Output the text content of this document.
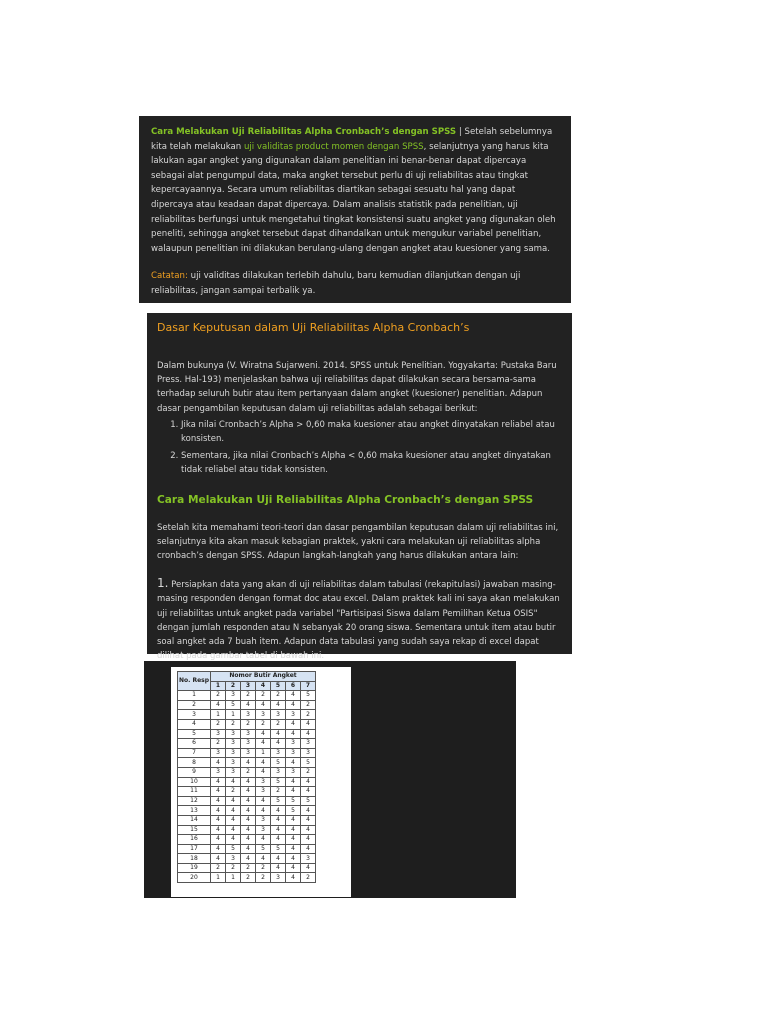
Cara Melakukan Uji Reliabilitas Alpha Cronbach’s dengan SPSS | Setelah sebelumnya kita telah melakukan uji validitas product momen dengan SPSS, selanjutnya yang harus kita lakukan agar angket yang digunakan dalam penelitian ini benar-benar dapat dipercaya sebagai alat pengumpul data, maka angket tersebut perlu di uji reliabilitas atau tingkat kepercayaannya. Secara umum reliabilitas diartikan sebagai sesuatu hal yang dapat dipercaya atau keadaan dapat dipercaya. Dalam analisis statistik pada penelitian, uji reliabilitas berfungsi untuk mengetahui tingkat konsistensi suatu angket yang digunakan oleh peneliti, sehingga angket tersebut dapat dihandalkan untuk mengukur variabel penelitian, walaupun penelitian ini dilakukan berulang-ulang dengan angket atau kuesioner yang sama.

Catatan: uji validitas dilakukan terlebih dahulu, baru kemudian dilanjutkan dengan uji reliabilitas, jangan sampai terbalik ya.

Dasar Keputusan dalam Uji Reliabilitas Alpha Cronbach’s

Dalam bukunya (V. Wiratna Sujarweni. 2014. SPSS untuk Penelitian. Yogyakarta: Pustaka Baru Press. Hal-193) menjelaskan bahwa uji reliabilitas dapat dilakukan secara bersama-sama terhadap seluruh butir atau item pertanyaan dalam angket (kuesioner) penelitian. Adapun dasar pengambilan keputusan dalam uji reliabilitas adalah sebagai berikut:

1. Jika nilai Cronbach’s Alpha > 0,60 maka kuesioner atau angket dinyatakan reliabel atau konsisten.
2. Sementara, jika nilai Cronbach’s Alpha < 0,60 maka kuesioner atau angket dinyatakan tidak reliabel atau tidak konsisten.
Cara Melakukan Uji Reliabilitas Alpha Cronbach’s dengan SPSS

Setelah kita memahami teori-teori dan dasar pengambilan keputusan dalam uji reliabilitas ini, selanjutnya kita akan masuk kebagian praktek, yakni cara melakukan uji reliabilitas alpha cronbach’s dengan SPSS. Adapun langkah-langkah yang harus dilakukan antara lain:

1. Persiapkan data yang akan di uji reliabilitas dalam tabulasi (rekapitulasi) jawaban masing-masing responden dengan format doc atau excel. Dalam praktek kali ini saya akan melakukan uji reliabilitas untuk angket pada variabel "Partisipasi Siswa dalam Pemilihan Ketua OSIS" dengan jumlah responden atau N sebanyak 20 orang siswa. Sementara untuk item atau butir soal angket ada 7 buah item. Adapun data tabulasi yang sudah saya rekap di excel dapat dilihat pada gambar tabel di bawah ini.

No. Resp	Nomor Butir Angket						
	1	2	3	4	5	6	7
1	2	3	2	2	2	4	5
2	4	5	4	4	4	4	2
3	1	1	3	3	3	3	2
4	2	2	2	2	2	4	4
5	3	3	3	4	4	4	4
6	2	3	3	4	4	3	3
7	3	3	3	1	3	3	3
8	4	3	4	4	5	4	5
9	3	3	2	4	3	3	2
10	4	4	4	3	5	4	4
11	4	2	4	3	2	4	4
12	4	4	4	4	5	5	5
13	4	4	4	4	4	5	4
14	4	4	4	3	4	4	4
15	4	4	4	3	4	4	4
16	4	4	4	4	4	4	4
17	4	5	4	5	5	4	4
18	4	3	4	4	4	4	3
19	2	2	2	2	4	4	4
20	1	1	2	2	3	4	2
